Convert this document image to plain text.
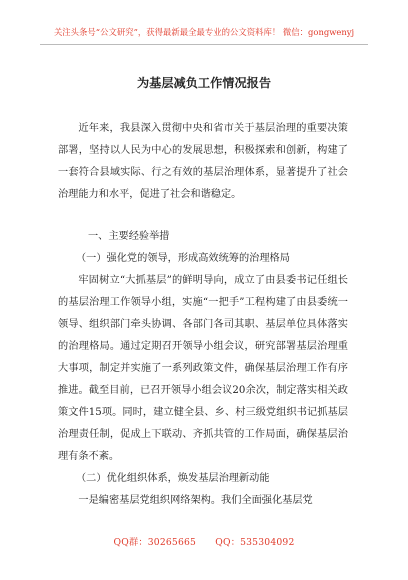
关注头条号“公文研究”，获得最新最全最专业的公文资料库！ 微信：gongwenyj
为基层减负工作情况报告

近年来，我县深入贯彻中央和省市关于基层治理的重要决策部署，坚持以人民为中心的发展思想，积极探索和创新，构建了一套符合县域实际、行之有效的基层治理体系，显著提升了社会治理能力和水平，促进了社会和谐稳定。

一、主要经验举措

（一）强化党的领导，形成高效统筹的治理格局

牢固树立“大抓基层”的鲜明导向，成立了由县委书记任组长的基层治理工作领导小组，实施“一把手”工程构建了由县委统一领导、组织部门牵头协调、各部门各司其职、基层单位具体落实的治理格局。通过定期召开领导小组会议，研究部署基层治理重大事项，制定并实施了一系列政策文件，确保基层治理工作有序推进。截至目前，已召开领导小组会议20余次，制定落实相关政策文件15项。同时，建立健全县、乡、村三级党组织书记抓基层治理责任制，促成上下联动、齐抓共管的工作局面，确保基层治理有条不紊。

（二）优化组织体系，焕发基层治理新动能

一是编密基层党组织网络架构。我们全面强化基层党

QQ群：30265665 QQ：535304092
